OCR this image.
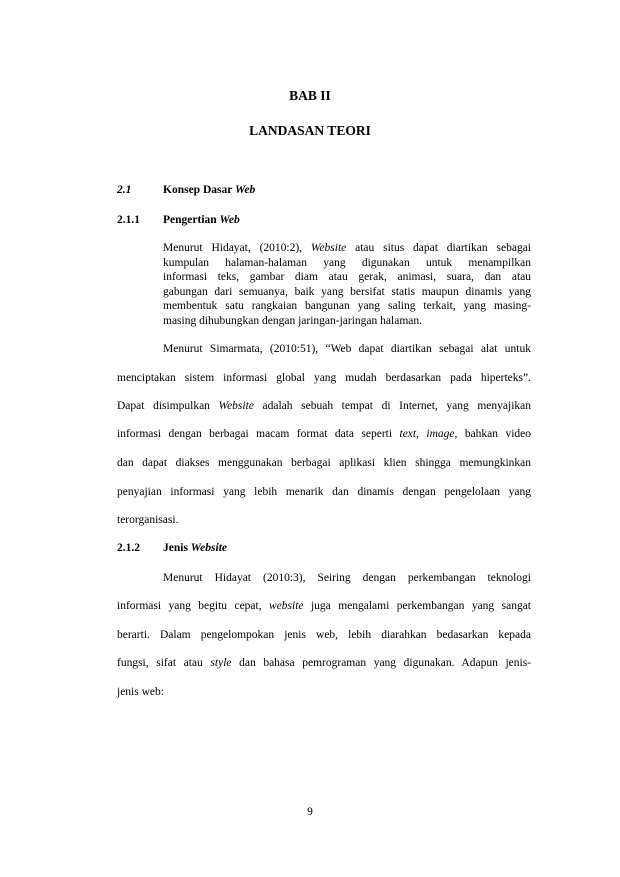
BAB II
LANDASAN TEORI
2.1	Konsep Dasar Web
2.1.1 Pengertian Web
Menurut Hidayat, (2010:2), Website atau situs dapat diartikan sebagai
kumpulan halaman-halaman yang digunakan untuk menampilkan
informasi teks, gambar diam atau gerak, animasi, suara, dan atau
gabungan dari semuanya, baik yang bersifat statis maupun dinamis yang
membentuk satu rangkaian bangunan yang saling terkait, yang masing-
masing dihubungkan dengan jaringan-jaringan halaman.
Menurut Simarmata, (2010:51), “Web dapat diartikan sebagai alat untuk
menciptakan sistem informasi global yang mudah berdasarkan pada hiperteks”.
Dapat disimpulkan Website adalah sebuah tempat di Internet, yang menyajikan
informasi dengan berbagai macam format data seperti text, image, bahkan video
dan dapat diakses menggunakan berbagai aplikasi klien shingga memungkinkan
penyajian informasi yang lebih menarik dan dinamis dengan pengelolaan yang
terorganisasi.
2.1.2 Jenis Website
Menurut Hidayat (2010:3), Seiring dengan perkembangan teknologi
informasi yang begitu cepat, website juga mengalami perkembangan yang sangat
berarti. Dalam pengelompokan jenis web, lebih diarahkan bedasarkan kepada
fungsi, sifat atau style dan bahasa pemrograman yang digunakan. Adapun jenis-
jenis web:
9
